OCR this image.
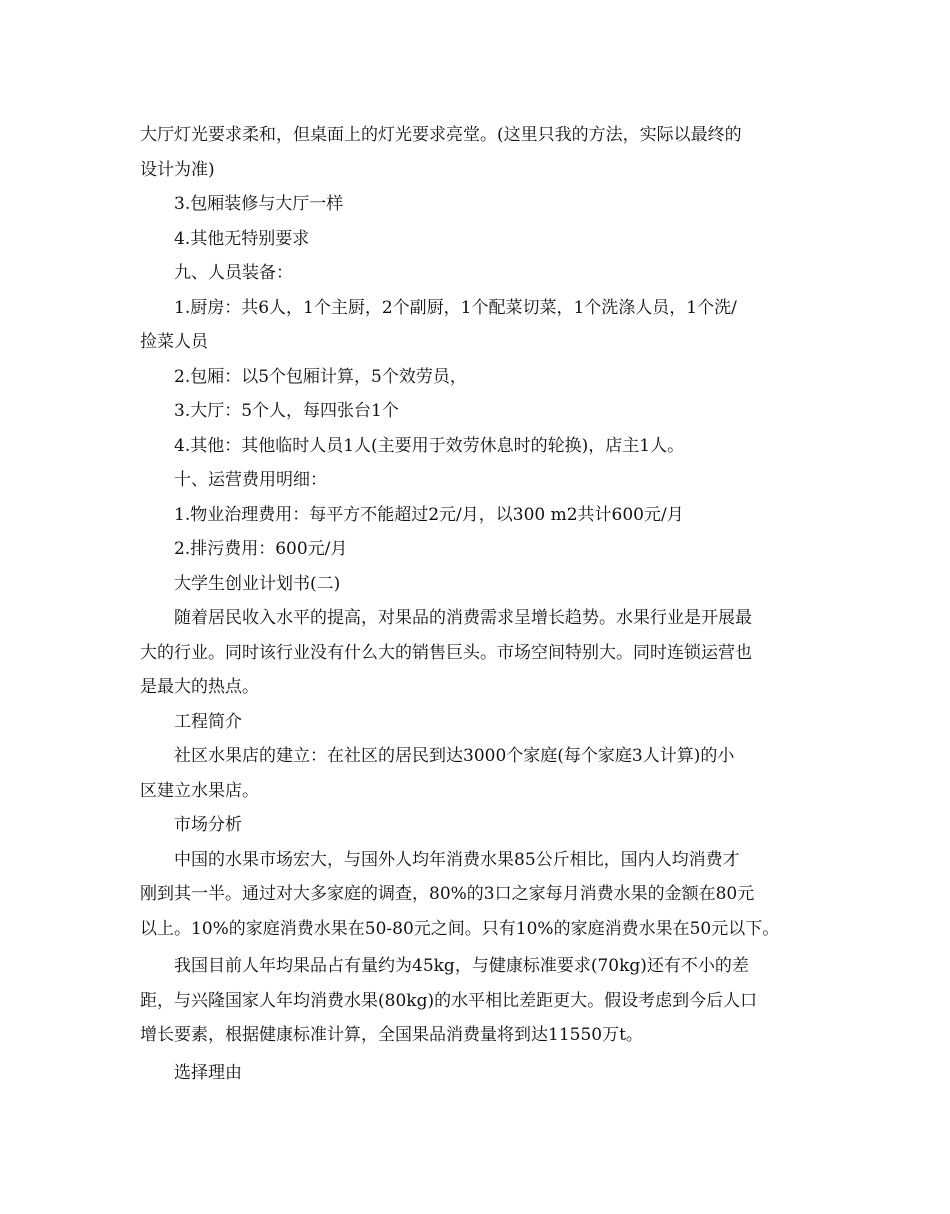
大厅灯光要求柔和，但桌面上的灯光要求亮堂。(这里只我的方法，实际以最终的
设计为准)

3.包厢装修与大厅一样

4.其他无特别要求

九、人员装备：

1.厨房：共6人，1个主厨，2个副厨，1个配菜切菜，1个洗涤人员，1个洗/
捡菜人员

2.包厢：以5个包厢计算，5个效劳员，

3.大厅：5个人，每四张台1个

4.其他：其他临时人员1人(主要用于效劳休息时的轮换)，店主1人。

十、运营费用明细：

1.物业治理费用：每平方不能超过2元/月，以300 m2共计600元/月

2.排污费用：600元/月

大学生创业计划书(二)

随着居民收入水平的提高，对果品的消费需求呈增长趋势。水果行业是开展最
大的行业。同时该行业没有什么大的销售巨头。市场空间特别大。同时连锁运营也
是最大的热点。

工程简介

社区水果店的建立：在社区的居民到达3000个家庭(每个家庭3人计算)的小
区建立水果店。

市场分析

中国的水果市场宏大，与国外人均年消费水果85公斤相比，国内人均消费才
刚到其一半。通过对大多家庭的调查，80%的3口之家每月消费水果的金额在80元
以上。10%的家庭消费水果在50-80元之间。只有10%的家庭消费水果在50元以下。

我国目前人年均果品占有量约为45kg，与健康标准要求(70kg)还有不小的差
距，与兴隆国家人年均消费水果(80kg)的水平相比差距更大。假设考虑到今后人口
增长要素，根据健康标准计算，全国果品消费量将到达11550万t。

选择理由
